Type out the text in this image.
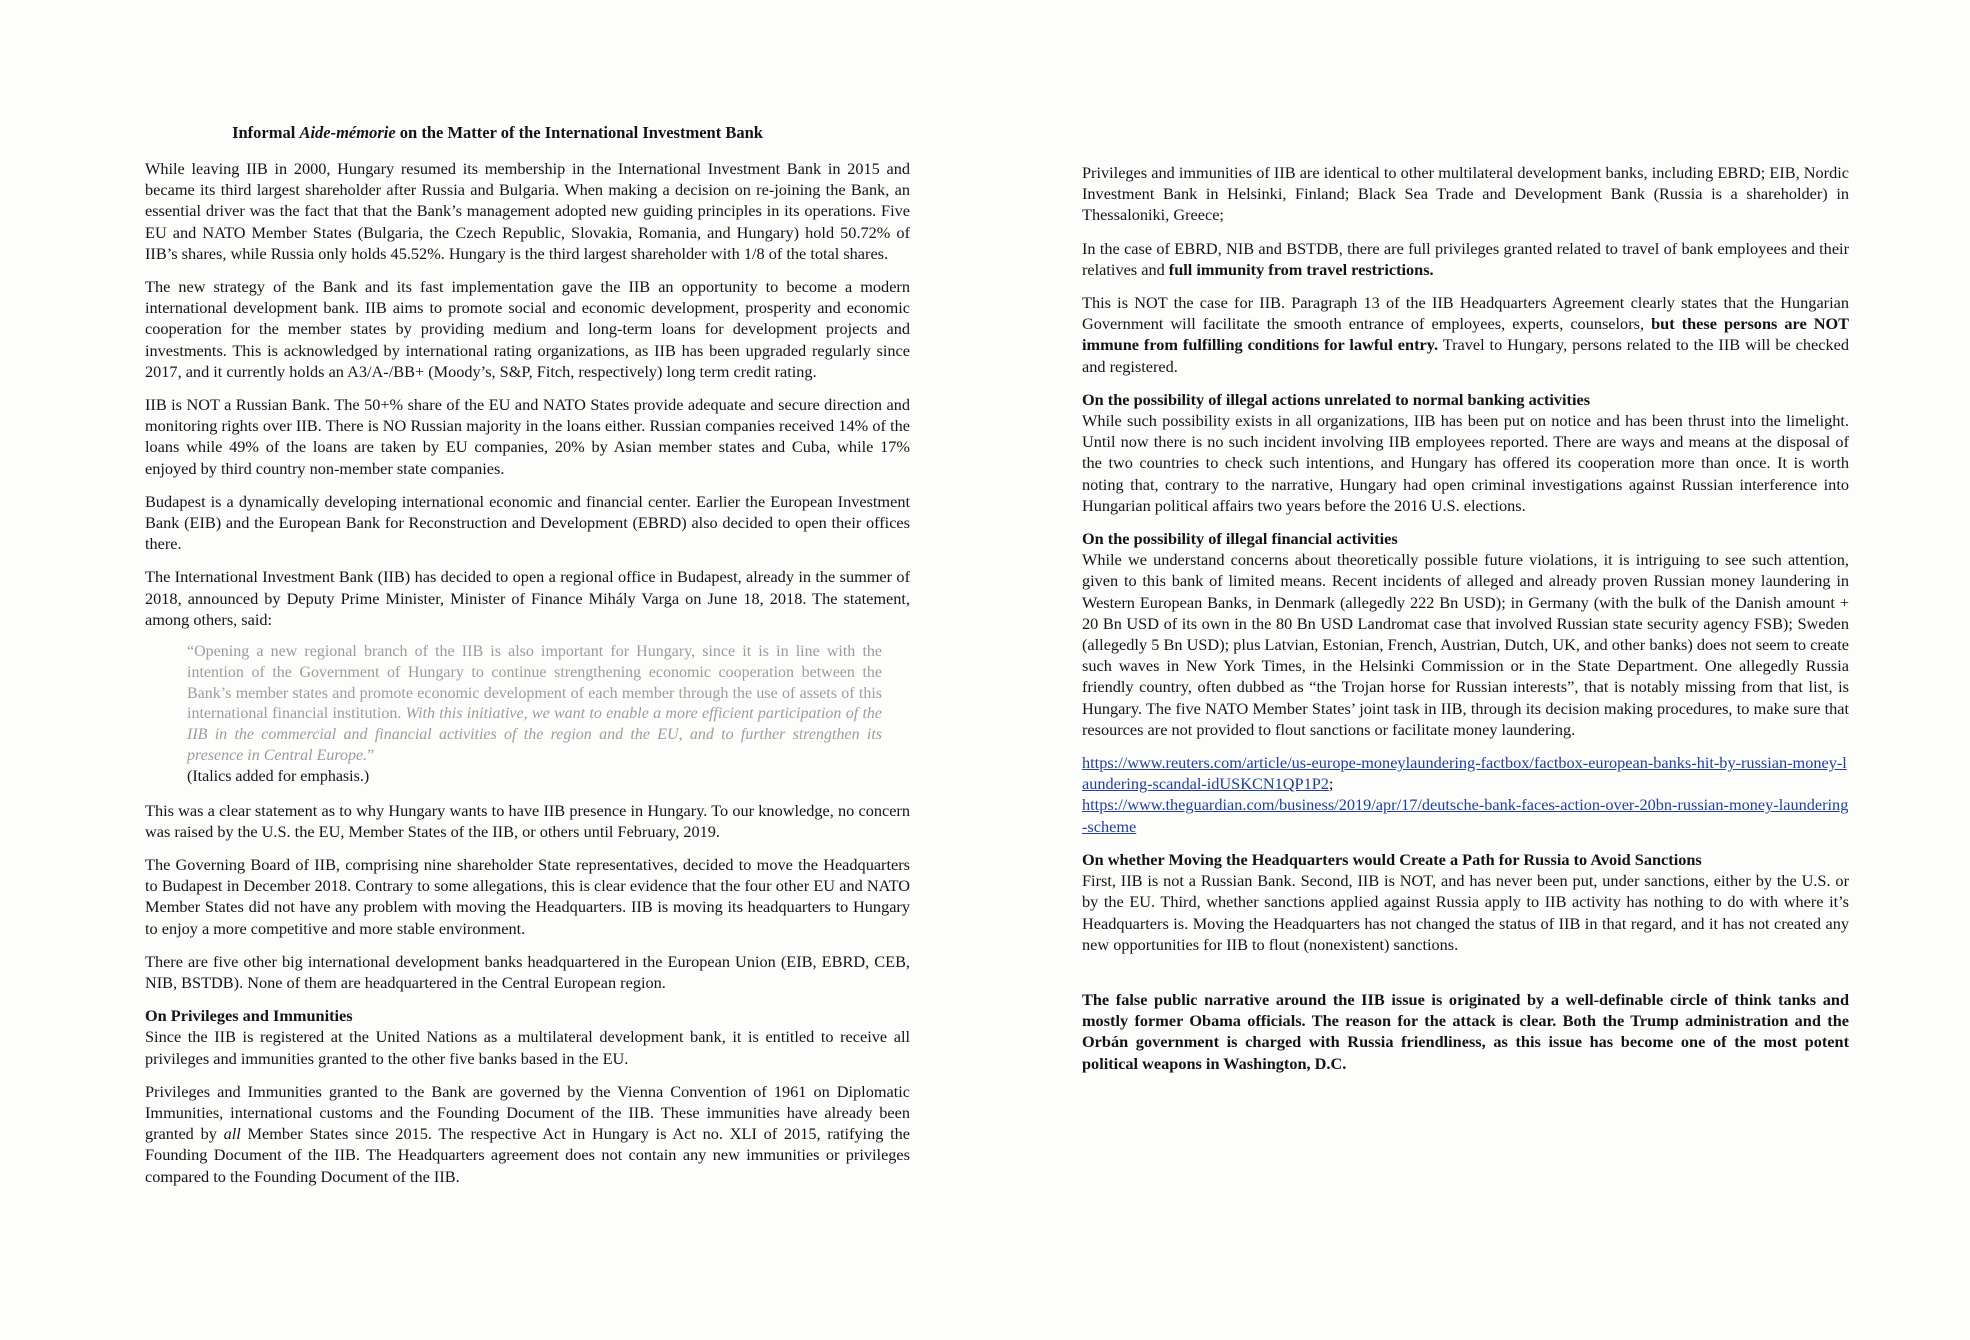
Informal Aide-mémorie on the Matter of the International Investment Bank

While leaving IIB in 2000, Hungary resumed its membership in the International Investment Bank in 2015 and became its third largest shareholder after Russia and Bulgaria. When making a decision on re-joining the Bank, an essential driver was the fact that that the Bank’s management adopted new guiding principles in its operations. Five EU and NATO Member States (Bulgaria, the Czech Republic, Slovakia, Romania, and Hungary) hold 50.72% of IIB’s shares, while Russia only holds 45.52%. Hungary is the third largest shareholder with 1/8 of the total shares.

The new strategy of the Bank and its fast implementation gave the IIB an opportunity to become a modern international development bank. IIB aims to promote social and economic development, prosperity and economic cooperation for the member states by providing medium and long-term loans for development projects and investments. This is acknowledged by international rating organizations, as IIB has been upgraded regularly since 2017, and it currently holds an A3/A-/BB+ (Moody’s, S&P, Fitch, respectively) long term credit rating.

IIB is NOT a Russian Bank. The 50+% share of the EU and NATO States provide adequate and secure direction and monitoring rights over IIB. There is NO Russian majority in the loans either. Russian companies received 14% of the loans while 49% of the loans are taken by EU companies, 20% by Asian member states and Cuba, while 17% enjoyed by third country non-member state companies.

Budapest is a dynamically developing international economic and financial center. Earlier the European Investment Bank (EIB) and the European Bank for Reconstruction and Development (EBRD) also decided to open their offices there.

The International Investment Bank (IIB) has decided to open a regional office in Budapest, already in the summer of 2018, announced by Deputy Prime Minister, Minister of Finance Mihály Varga on June 18, 2018. The statement, among others, said:

“Opening a new regional branch of the IIB is also important for Hungary, since it is in line with the intention of the Government of Hungary to continue strengthening economic cooperation between the Bank’s member states and promote economic development of each member through the use of assets of this international financial institution. With this initiative, we want to enable a more efficient participation of the IIB in the commercial and financial activities of the region and the EU, and to further strengthen its presence in Central Europe.”
(Italics added for emphasis.)

This was a clear statement as to why Hungary wants to have IIB presence in Hungary. To our knowledge, no concern was raised by the U.S. the EU, Member States of the IIB, or others until February, 2019.

The Governing Board of IIB, comprising nine shareholder State representatives, decided to move the Headquarters to Budapest in December 2018. Contrary to some allegations, this is clear evidence that the four other EU and NATO Member States did not have any problem with moving the Headquarters. IIB is moving its headquarters to Hungary to enjoy a more competitive and more stable environment.

There are five other big international development banks headquartered in the European Union (EIB, EBRD, CEB, NIB, BSTDB). None of them are headquartered in the Central European region.

On Privileges and Immunities

Since the IIB is registered at the United Nations as a multilateral development bank, it is entitled to receive all privileges and immunities granted to the other five banks based in the EU.

Privileges and Immunities granted to the Bank are governed by the Vienna Convention of 1961 on Diplomatic Immunities, international customs and the Founding Document of the IIB. These immunities have already been granted by all Member States since 2015. The respective Act in Hungary is Act no. XLI of 2015, ratifying the Founding Document of the IIB. The Headquarters agreement does not contain any new immunities or privileges compared to the Founding Document of the IIB.

Privileges and immunities of IIB are identical to other multilateral development banks, including EBRD; EIB, Nordic Investment Bank in Helsinki, Finland; Black Sea Trade and Development Bank (Russia is a shareholder) in Thessaloniki, Greece;

In the case of EBRD, NIB and BSTDB, there are full privileges granted related to travel of bank employees and their relatives and full immunity from travel restrictions.

This is NOT the case for IIB. Paragraph 13 of the IIB Headquarters Agreement clearly states that the Hungarian Government will facilitate the smooth entrance of employees, experts, counselors, but these persons are NOT immune from fulfilling conditions for lawful entry. Travel to Hungary, persons related to the IIB will be checked and registered.

On the possibility of illegal actions unrelated to normal banking activities

While such possibility exists in all organizations, IIB has been put on notice and has been thrust into the limelight. Until now there is no such incident involving IIB employees reported. There are ways and means at the disposal of the two countries to check such intentions, and Hungary has offered its cooperation more than once. It is worth noting that, contrary to the narrative, Hungary had open criminal investigations against Russian interference into Hungarian political affairs two years before the 2016 U.S. elections.

On the possibility of illegal financial activities

While we understand concerns about theoretically possible future violations, it is intriguing to see such attention, given to this bank of limited means. Recent incidents of alleged and already proven Russian money laundering in Western European Banks, in Denmark (allegedly 222 Bn USD); in Germany (with the bulk of the Danish amount + 20 Bn USD of its own in the 80 Bn USD Landromat case that involved Russian state security agency FSB); Sweden (allegedly 5 Bn USD); plus Latvian, Estonian, French, Austrian, Dutch, UK, and other banks) does not seem to create such waves in New York Times, in the Helsinki Commission or in the State Department. One allegedly Russia friendly country, often dubbed as “the Trojan horse for Russian interests”, that is notably missing from that list, is Hungary. The five NATO Member States’ joint task in IIB, through its decision making procedures, to make sure that resources are not provided to flout sanctions or facilitate money laundering.

https://www.reuters.com/article/us-europe-moneylaundering-factbox/factbox-european-banks-hit-by-russian-money-laundering-scandal-idUSKCN1QP1P2;
https://www.theguardian.com/business/2019/apr/17/deutsche-bank-faces-action-over-20bn-russian-money-laundering-scheme

On whether Moving the Headquarters would Create a Path for Russia to Avoid Sanctions

First, IIB is not a Russian Bank. Second, IIB is NOT, and has never been put, under sanctions, either by the U.S. or by the EU. Third, whether sanctions applied against Russia apply to IIB activity has nothing to do with where it’s Headquarters is. Moving the Headquarters has not changed the status of IIB in that regard, and it has not created any new opportunities for IIB to flout (nonexistent) sanctions.

The false public narrative around the IIB issue is originated by a well-definable circle of think tanks and mostly former Obama officials. The reason for the attack is clear. Both the Trump administration and the Orbán government is charged with Russia friendliness, as this issue has become one of the most potent political weapons in Washington, D.C.
